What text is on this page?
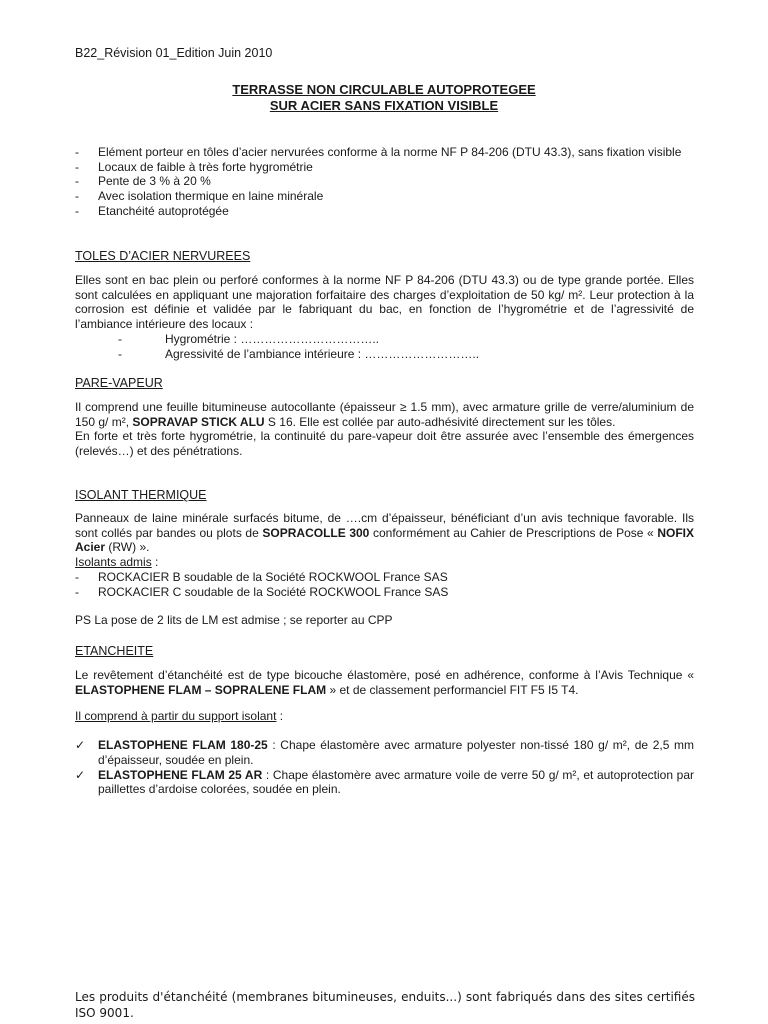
B22_Révision 01_Edition Juin 2010
TERRASSE NON CIRCULABLE AUTOPROTEGEE
SUR ACIER SANS FIXATION VISIBLE
- Elément porteur en tôles d’acier nervurées conforme à la norme NF P 84-206 (DTU 43.3), sans fixation visible
- Locaux de faible à très forte hygrométrie
- Pente de 3 % à 20 %
- Avec isolation thermique en laine minérale
- Etanchéité autoprotégée
TOLES D’ACIER NERVUREES
Elles sont en bac plein ou perforé conformes à la norme NF P 84-206 (DTU 43.3) ou de type grande portée. Elles sont calculées en appliquant une majoration forfaitaire des charges d’exploitation de 50 kg/ m². Leur protection à la corrosion est définie et validée par le fabriquant du bac, en fonction de l’hygrométrie et de l’agressivité de l’ambiance intérieure des locaux :
- Hygrométrie : ……………………………..
- Agressivité de l’ambiance intérieure : ………………………..
PARE-VAPEUR
Il comprend une feuille bitumineuse autocollante (épaisseur ≥ 1.5 mm), avec armature grille de verre/aluminium de 150 g/ m², SOPRAVAP STICK ALU S 16. Elle est collée par auto-adhésivité directement sur les tôles.
En forte et très forte hygrométrie, la continuité du pare-vapeur doit être assurée avec l’ensemble des émergences (relevés…) et des pénétrations.
ISOLANT THERMIQUE
Panneaux de laine minérale surfacés bitume, de ….cm d’épaisseur, bénéficiant d’un avis technique favorable. Ils sont collés par bandes ou plots de SOPRACOLLE 300 conformément au Cahier de Prescriptions de Pose « NOFIX Acier (RW) ».
Isolants admis :
- ROCKACIER B soudable de la Société ROCKWOOL France SAS
- ROCKACIER C soudable de la Société ROCKWOOL France SAS
PS La pose de 2 lits de LM est admise ; se reporter au CPP
ETANCHEITE
Le revêtement d’étanchéité est de type bicouche élastomère, posé en adhérence, conforme à l’Avis Technique « ELASTOPHENE FLAM – SOPRALENE FLAM » et de classement performanciel FIT F5 I5 T4.
Il comprend à partir du support isolant :
✓ ELASTOPHENE FLAM 180-25 : Chape élastomère avec armature polyester non-tissé 180 g/ m², de 2,5 mm d’épaisseur, soudée en plein.
✓ ELASTOPHENE FLAM 25 AR : Chape élastomère avec armature voile de verre 50 g/ m², et autoprotection par paillettes d’ardoise colorées, soudée en plein.
Les produits d'étanchéité (membranes bitumineuses, enduits...) sont fabriqués dans des sites certifiés ISO 9001.
